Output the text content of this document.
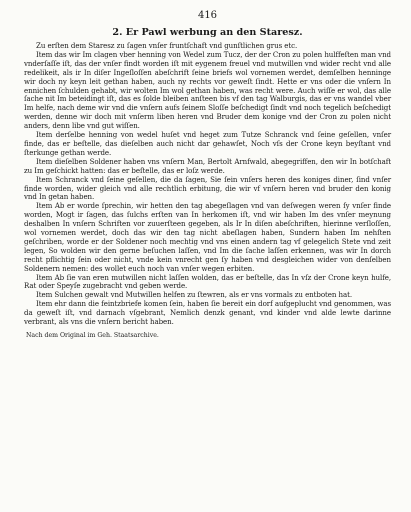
416
2. Er Pawl werbung an den Staresz.

Zu erſten dem Staresz zu ſagen vnſer fruntſchaft vnd gunſtlichen grus etc.

Item das wir Im clagen vber henning von Wedel zum Tucz, der der Cron zu polen hulffeſten man vnd vnderſaſſe iſt, das der vnſer findt worden iſt mit eygenem freuel vnd mutwillen vnd wider recht vnd alle redelikeit, als ir In diſer Ingeſloſſen abeſchrift ſeine briefs wol vornemen werdet, demſelben henninge wir doch ny keyn leit gethan haben, auch ny rechts vor geweſt ſindt. Hette er vns oder die vnſern In ennichen ſchulden gehabt, wir wolten Im wol gethan haben, was recht were. Auch wiſſe er wol, das alle ſache nit Im beteidingt iſt, das es ſolde bleiben anſteen bis vf den tag Walburgis, das er vns wandel vber Im helfe, nach deme wir vnd die vnſern aufs ſeinem Sloſſe beſchedigt ſindt vnd noch tegelich beſchedigt werden, denne wir doch mit vnſerm liben heren vnd Bruder dem konige vnd der Cron zu polen nicht anders, denn libe vnd gut wiſſen.

Item derſelbe henning von wedel huſet vnd heget zum Tutze Schranck vnd ſeine geſellen, vnſer finde, das er beſtelle, das dieſelben auch nicht dar gehawſet, Noch vſs der Crone keyn beyſtant vnd ſterkunge gethan werde.

Item dieſelben Soldener haben vns vnſern Man, Bertolt Arnfwald, abegegriffen, den wir In botſchaft zu Im geſchickt hatten: das er beſtelle, das er loſz werde.

Item Schranck vnd ſeine geſellen, die da ſagen, Sie ſein vnſers heren des koniges diner, ſind vnſer finde worden, wider gleich vnd alle rechtlich erbitung, die wir vf vnſern heren vnd bruder den konig vnd In getan haben.

Item Ab er worde ſprechin, wir hetten den tag abegeſlagen vnd van deſwegen weren ſy vnſer finde worden, Mogt ir ſagen, das ſulchs erſten van In herkomen iſt, vnd wir haben Im des vnſer meynung deshalben In vnſern Schriften vor zuuerſteen gegeben, als Ir In diſen abeſchriften, hierinne verſloſſen, wol vornemen werdet, doch das wir den tag nicht abeſlagen haben, Sundern haben Im nehſten geſchriben, worde er der Soldener noch mechtig vnd vns einen andern tag vf gelegelich Stete vnd zeit legen, So wolden wir den gerne beſuchen laſſen, vnd Im die ſache laſſen erkennen, was wir In dorch recht pflichtig ſein oder nicht, vnde kein vnrecht gen ſy haben vnd desgleichen wider von denſelben Soldenern nemen: des wollet euch noch van vnſer wegen erbiten.

Item Ab ſie van eren mutwillen nicht laſſen wolden, das er beſtelle, das In vſz der Crone keyn hulfe, Rat oder Speyſe zugebracht vnd geben werde.

Item Sulchen gewalt vnd Mutwillen helfen zu ſtewren, als er vns vormals zu entboten hat.

Item ehr dann die feintzbriefe komen ſein, haben ſie bereit ein dorf aufgeplucht vnd genommen, was da geweſt iſt, vnd darnach vſgebrant, Nemlich denzk genant, vnd kinder vnd alde lewte darinne verbrant, als vns die vnſern bericht haben.

Nach dem Original im Geh. Staatsarchive.
